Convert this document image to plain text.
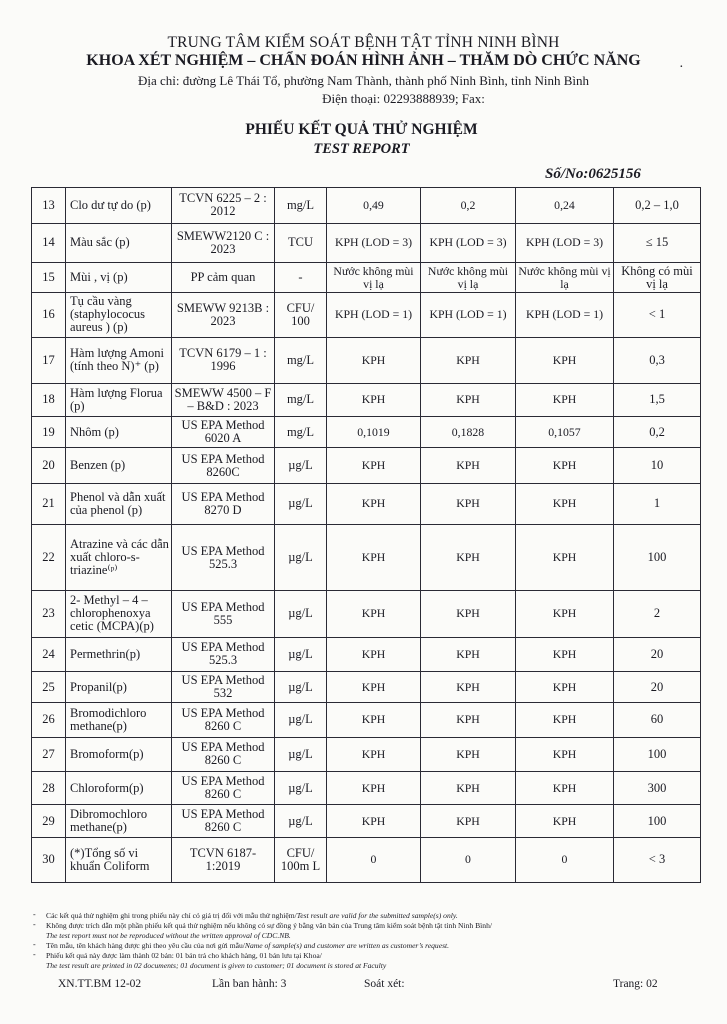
TRUNG TÂM KIỂM SOÁT BỆNH TẬT TỈNH NINH BÌNH
KHOA XÉT NGHIỆM – CHẨN ĐOÁN HÌNH ẢNH – THĂM DÒ CHỨC NĂNG	·
Địa chỉ: đường Lê Thái Tổ, phường Nam Thành, thành phố Ninh Bình, tỉnh Ninh Bình
Điện thoại: 02293888939; Fax:
PHIẾU KẾT QUẢ THỬ NGHIỆM
TEST REPORT
Số/No:0625156
13	Clo dư tự do (p)	TCVN 6225 – 2 : 2012	mg/L	0,49	0,2	0,24	0,2 – 1,0
14	Màu sắc (p)	SMEWW2120 C : 2023	TCU	KPH (LOD = 3)	KPH (LOD = 3)	KPH (LOD = 3)	≤ 15
15	Mùi , vị (p)	PP cảm quan	-	Nước không mùi vị lạ	Nước không mùi vị lạ	Nước không mùi vị lạ	Không có mùi vị lạ
16	Tụ cầu vàng (staphylococus aureus ) (p)	SMEWW 9213B : 2023	CFU/ 100	KPH (LOD = 1)	KPH (LOD = 1)	KPH (LOD = 1)	< 1
17	Hàm lượng Amoni (tính theo N)⁺ (p)	TCVN 6179 – 1 : 1996	mg/L	KPH	KPH	KPH	0,3
18	Hàm lượng Florua (p)	SMEWW 4500 – F – B&D : 2023	mg/L	KPH	KPH	KPH	1,5
19	Nhôm (p)	US EPA Method 6020 A	mg/L	0,1019	0,1828	0,1057	0,2
20	Benzen (p)	US EPA Method 8260C	µg/L	KPH	KPH	KPH	10
21	Phenol và dẫn xuất của phenol (p)	US EPA Method 8270 D	µg/L	KPH	KPH	KPH	1
22	Atrazine và các dẫn xuất chloro-s-triazine⁽ᵖ⁾	US EPA Method 525.3	µg/L	KPH	KPH	KPH	100
23	2- Methyl – 4 – chlorophenoxya cetic (MCPA)(p)	US EPA Method 555	µg/L	KPH	KPH	KPH	2
24	Permethrin(p)	US EPA Method 525.3	µg/L	KPH	KPH	KPH	20
25	Propanil(p)	US EPA Method 532	µg/L	KPH	KPH	KPH	20
26	Bromodichloro methane(p)	US EPA Method 8260 C	µg/L	KPH	KPH	KPH	60
27	Bromoform(p)	US EPA Method 8260 C	µg/L	KPH	KPH	KPH	100
28	Chloroform(p)	US EPA Method 8260 C	µg/L	KPH	KPH	KPH	300
29	Dibromochloro methane(p)	US EPA Method 8260 C	µg/L	KPH	KPH	KPH	100
30	(*)Tổng số vi khuẩn Coliform	TCVN 6187-1:2019	CFU/ 100m L	0	0	0	< 3
Các kết quả thử nghiệm ghi trong phiếu này chỉ có giá trị đối với mẫu thử nghiệm/Test result are valid for the submitted sample(s) only.
-
Không được trích dẫn một phần phiếu kết quả thử nghiệm nếu không có sự đồng ý bằng văn bản của Trung tâm kiểm soát bệnh tật tỉnh Ninh Bình/
-
The test report must not be reproduced without the written approval of CDC.NB.
Tên mẫu, tên khách hàng được ghi theo yêu cầu của nơi gửi mẫu/Name of sample(s) and customer are written as customer’s request.
-
Phiếu kết quả này được làm thành 02 bản: 01 bản trả cho khách hàng, 01 bản lưu tại Khoa/
-
The test result are printed in 02 documents; 01 document is given to customer; 01 document is stored at Faculty
XN.TT.BM 12-02	Lần ban hành: 3	Soát xét:	Trang: 02
